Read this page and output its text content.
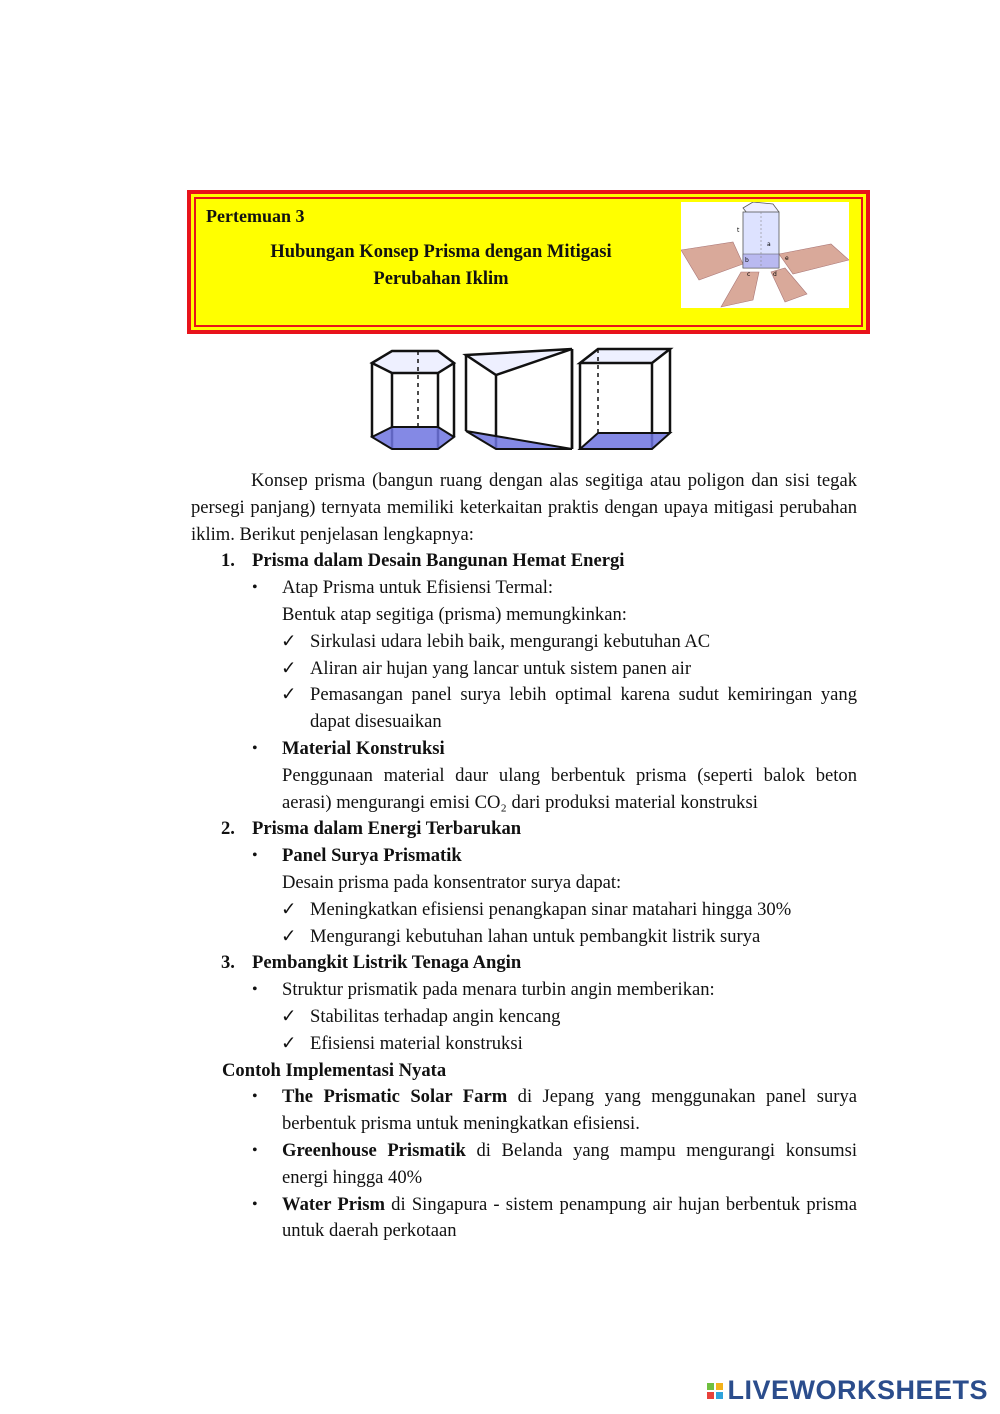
Pertemuan 3
Hubungan Konsep Prisma dengan Mitigasi
Perubahan Iklim
t
a
b
c	d
e

Konsep prisma (bangun ruang dengan alas segitiga atau poligon dan sisi tegak persegi panjang) ternyata memiliki keterkaitan praktis dengan upaya mitigasi perubahan iklim. Berikut penjelasan lengkapnya:

1. Prisma dalam Desain Bangunan Hemat Energi
•	Atap Prisma untuk Efisiensi Termal:
Bentuk atap segitiga (prisma) memungkinkan:
✓ Sirkulasi udara lebih baik, mengurangi kebutuhan AC
✓ Aliran air hujan yang lancar untuk sistem panen air
✓ Pemasangan panel surya lebih optimal karena sudut kemiringan yang dapat disesuaikan
•	Material Konstruksi
Penggunaan material daur ulang berbentuk prisma (seperti balok beton aerasi) mengurangi emisi CO₂ dari produksi material konstruksi
2. Prisma dalam Energi Terbarukan
•	Panel Surya Prismatik
Desain prisma pada konsentrator surya dapat:
✓ Meningkatkan efisiensi penangkapan sinar matahari hingga 30%
✓ Mengurangi kebutuhan lahan untuk pembangkit listrik surya
3. Pembangkit Listrik Tenaga Angin
•	Struktur prismatik pada menara turbin angin memberikan:
✓ Stabilitas terhadap angin kencang
✓ Efisiensi material konstruksi
Contoh Implementasi Nyata
•	The Prismatic Solar Farm di Jepang yang menggunakan panel surya berbentuk prisma untuk meningkatkan efisiensi.
•	Greenhouse Prismatik di Belanda yang mampu mengurangi konsumsi energi hingga 40%
•	Water Prism di Singapura - sistem penampung air hujan berbentuk prisma untuk daerah perkotaan
LIVEWORKSHEETS
